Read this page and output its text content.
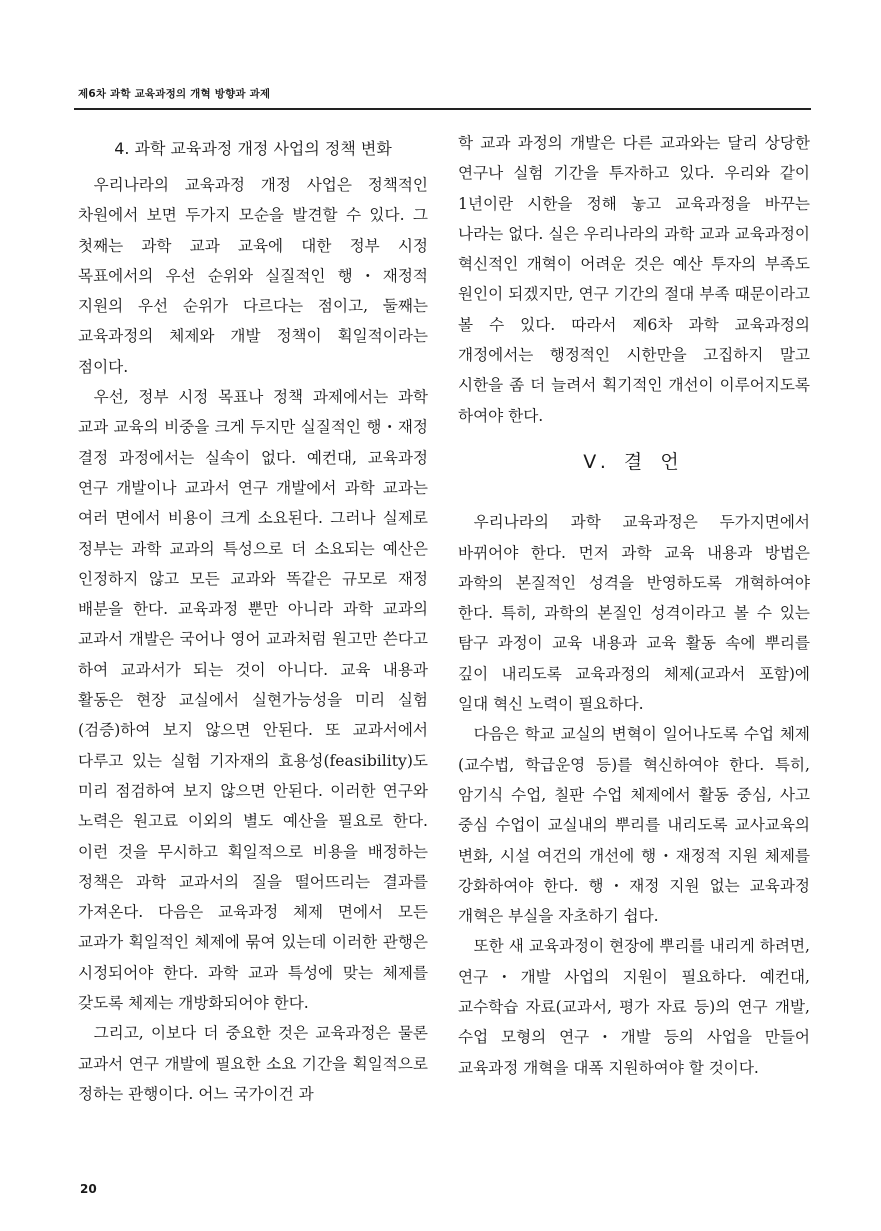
제6차 과학 교육과정의 개혁 방향과 과제
4. 과학 교육과정 개정 사업의 정책 변화

우리나라의 교육과정 개정 사업은 정책적인 차원에서 보면 두가지 모순을 발견할 수 있다. 그 첫째는 과학 교과 교육에 대한 정부 시정 목표에서의 우선 순위와 실질적인 행・재정적 지원의 우선 순위가 다르다는 점이고, 둘째는 교육과정의 체제와 개발 정책이 획일적이라는 점이다.

우선, 정부 시정 목표나 정책 과제에서는 과학 교과 교육의 비중을 크게 두지만 실질적인 행・재정 결정 과정에서는 실속이 없다. 예컨대, 교육과정 연구 개발이나 교과서 연구 개발에서 과학 교과는 여러 면에서 비용이 크게 소요된다. 그러나 실제로 정부는 과학 교과의 특성으로 더 소요되는 예산은 인정하지 않고 모든 교과와 똑같은 규모로 재정 배분을 한다. 교육과정 뿐만 아니라 과학 교과의 교과서 개발은 국어나 영어 교과처럼 원고만 쓴다고 하여 교과서가 되는 것이 아니다. 교육 내용과 활동은 현장 교실에서 실현가능성을 미리 실험(검증)하여 보지 않으면 안된다. 또 교과서에서 다루고 있는 실험 기자재의 효용성(feasibility)도 미리 점검하여 보지 않으면 안된다. 이러한 연구와 노력은 원고료 이외의 별도 예산을 필요로 한다. 이런 것을 무시하고 획일적으로 비용을 배정하는 정책은 과학 교과서의 질을 떨어뜨리는 결과를 가져온다. 다음은 교육과정 체제 면에서 모든 교과가 획일적인 체제에 묶여 있는데 이러한 관행은 시정되어야 한다. 과학 교과 특성에 맞는 체제를 갖도록 체제는 개방화되어야 한다.

그리고, 이보다 더 중요한 것은 교육과정은 물론 교과서 연구 개발에 필요한 소요 기간을 획일적으로 정하는 관행이다. 어느 국가이건 과

학 교과 과정의 개발은 다른 교과와는 달리 상당한 연구나 실험 기간을 투자하고 있다. 우리와 같이 1년이란 시한을 정해 놓고 교육과정을 바꾸는 나라는 없다. 실은 우리나라의 과학 교과 교육과정이 혁신적인 개혁이 어려운 것은 예산 투자의 부족도 원인이 되겠지만, 연구 기간의 절대 부족 때문이라고 볼 수 있다. 따라서 제6차 과학 교육과정의 개정에서는 행정적인 시한만을 고집하지 말고 시한을 좀 더 늘려서 획기적인 개선이 이루어지도록 하여야 한다.

V. 결 언

우리나라의 과학 교육과정은 두가지면에서 바뀌어야 한다. 먼저 과학 교육 내용과 방법은 과학의 본질적인 성격을 반영하도록 개혁하여야 한다. 특히, 과학의 본질인 성격이라고 볼 수 있는 탐구 과정이 교육 내용과 교육 활동 속에 뿌리를 깊이 내리도록 교육과정의 체제(교과서 포함)에 일대 혁신 노력이 필요하다.

다음은 학교 교실의 변혁이 일어나도록 수업 체제(교수법, 학급운영 등)를 혁신하여야 한다. 특히, 암기식 수업, 칠판 수업 체제에서 활동 중심, 사고 중심 수업이 교실내의 뿌리를 내리도록 교사교육의 변화, 시설 여건의 개선에 행・재정적 지원 체제를 강화하여야 한다. 행・재정 지원 없는 교육과정 개혁은 부실을 자초하기 쉽다.

또한 새 교육과정이 현장에 뿌리를 내리게 하려면, 연구・개발 사업의 지원이 필요하다. 예컨대, 교수학습 자료(교과서, 평가 자료 등)의 연구 개발, 수업 모형의 연구・개발 등의 사업을 만들어 교육과정 개혁을 대폭 지원하여야 할 것이다.

20
